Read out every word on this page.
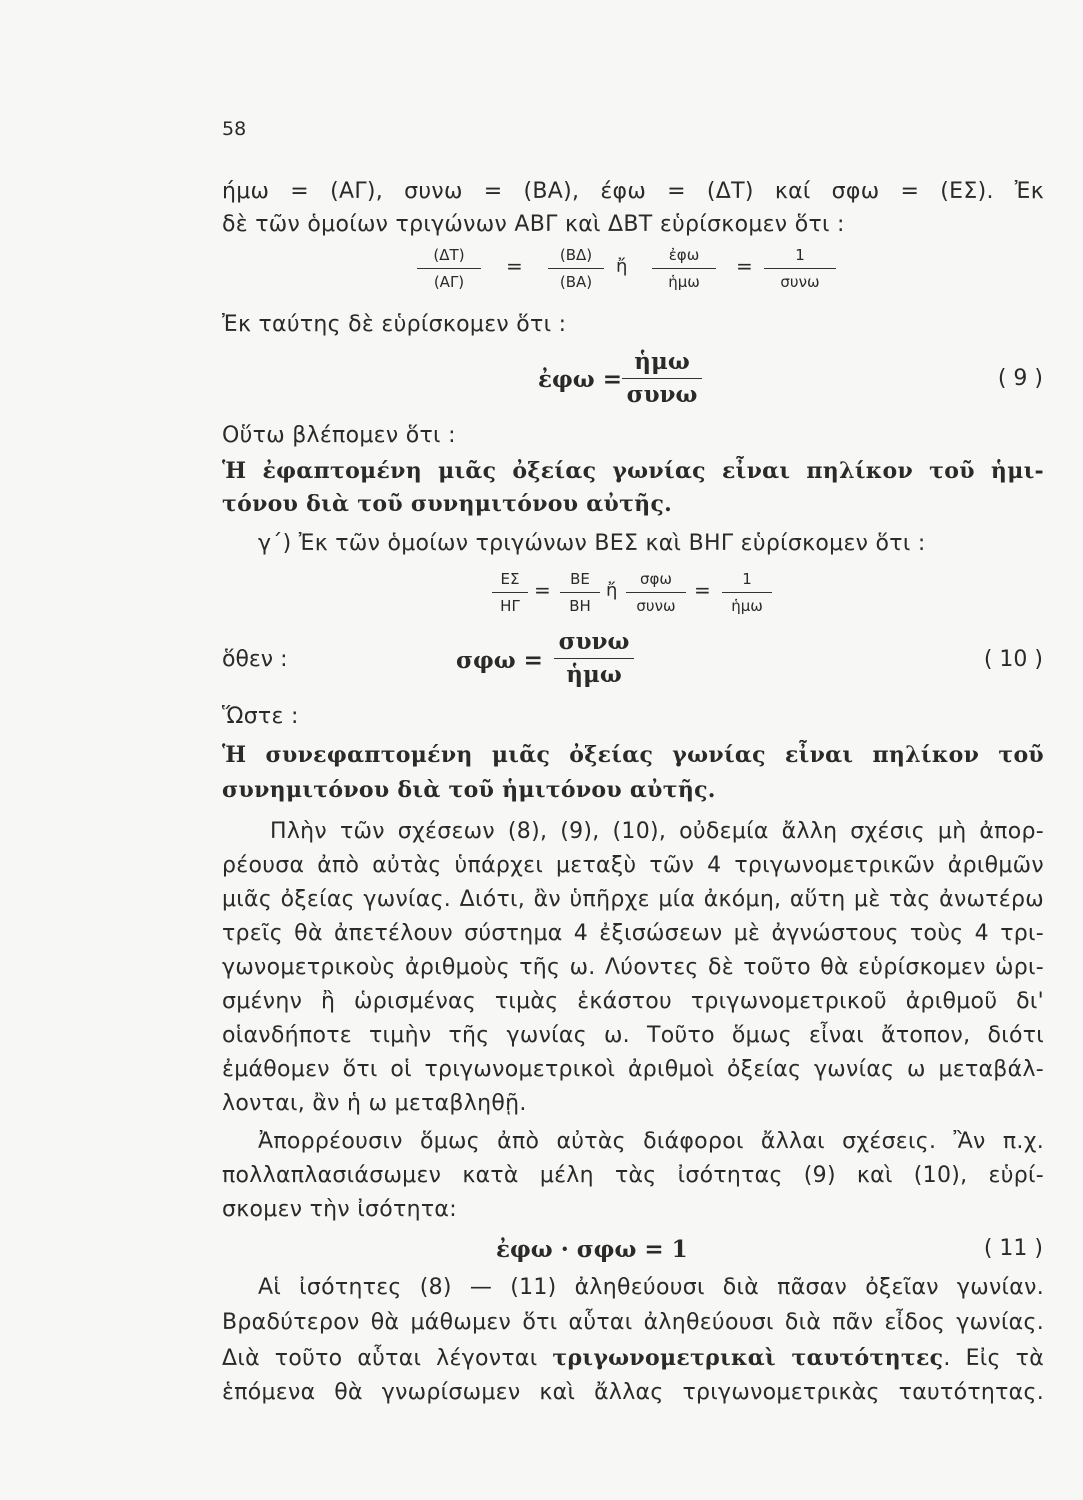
58
ήμω = (ΑΓ), συνω = (ΒΑ), έφω = (ΔΤ) καί σφω = (ΕΣ). Ἐκ
δὲ τῶν ὁμοίων τριγώνων ΑΒΓ καὶ ΔΒΤ εὑρίσκομεν ὅτι :
(ΔΤ)
(ΑΓ)
=	(ΒΔ)
(ΒΑ)
ἤ
ἐφω
ἡμω
=	1
συνω
Ἐκ ταύτης δὲ εὑρίσκομεν ὅτι :
ἐφω =
ἡμω
συνω
( 9 )
Οὕτω βλέπομεν ὅτι :
Ἡ ἐφαπτομένη μιᾶς ὀξείας γωνίας εἶναι πηλίκον τοῦ ἡμι-
τόνου διὰ τοῦ συνημιτόνου αὐτῆς.
γ΄) Ἐκ τῶν ὁμοίων τριγώνων ΒΕΣ καὶ ΒΗΓ εὑρίσκομεν ὅτι :
ΕΣ
ΗΓ
=	ΒΕ
ΒΗ
ἤ
σφω
συνω
=	1
ἡμω
ὅθεν :	σφω =
συνω
ἡμω
( 10 )
Ὥστε :
Ἡ συνεφαπτομένη μιᾶς ὀξείας γωνίας εἶναι πηλίκον τοῦ
συνημιτόνου διὰ τοῦ ἡμιτόνου αὐτῆς.
Πλὴν τῶν σχέσεων (8), (9), (10), οὐδεμία ἄλλη σχέσις μὴ ἀπορ-
ρέουσα ἀπὸ αὐτὰς ὑπάρχει μεταξὺ τῶν 4 τριγωνομετρικῶν ἀριθμῶν
μιᾶς ὀξείας γωνίας. Διότι, ἂν ὑπῆρχε μία ἀκόμη, αὕτη μὲ τὰς ἀνωτέρω
τρεῖς θὰ ἀπετέλουν σύστημα 4 ἐξισώσεων μὲ ἀγνώστους τοὺς 4 τρι-
γωνομετρικοὺς ἀριθμοὺς τῆς ω. Λύοντες δὲ τοῦτο θὰ εὑρίσκομεν ὡρι-
σμένην ἢ ὡρισμένας τιμὰς ἑκάστου τριγωνομετρικοῦ ἀριθμοῦ δι'
οἱανδήποτε τιμὴν τῆς γωνίας ω. Τοῦτο ὅμως εἶναι ἄτοπον, διότι
ἐμάθομεν ὅτι οἱ τριγωνομετρικοὶ ἀριθμοὶ ὀξείας γωνίας ω μεταβάλ-
λονται, ἂν ἡ ω μεταβληθῇ.
Ἀπορρέουσιν ὅμως ἀπὸ αὐτὰς διάφοροι ἄλλαι σχέσεις. Ἂν π.χ.
πολλαπλασιάσωμεν κατὰ μέλη τὰς ἰσότητας (9) καὶ (10), εὑρί-
σκομεν τὴν ἰσότητα:
ἐφω · σφω = 1	( 11 )
Αἱ ἰσότητες (8) — (11) ἀληθεύουσι διὰ πᾶσαν ὀξεῖαν γωνίαν.
Βραδύτερον θὰ μάθωμεν ὅτι αὗται ἀληθεύουσι διὰ πᾶν εἶδος γωνίας.
Διὰ τοῦτο αὗται λέγονται τριγωνομετρικαὶ ταυτότητες. Εἰς τὰ
ἑπόμενα θὰ γνωρίσωμεν καὶ ἄλλας τριγωνομετρικὰς ταυτότητας.
